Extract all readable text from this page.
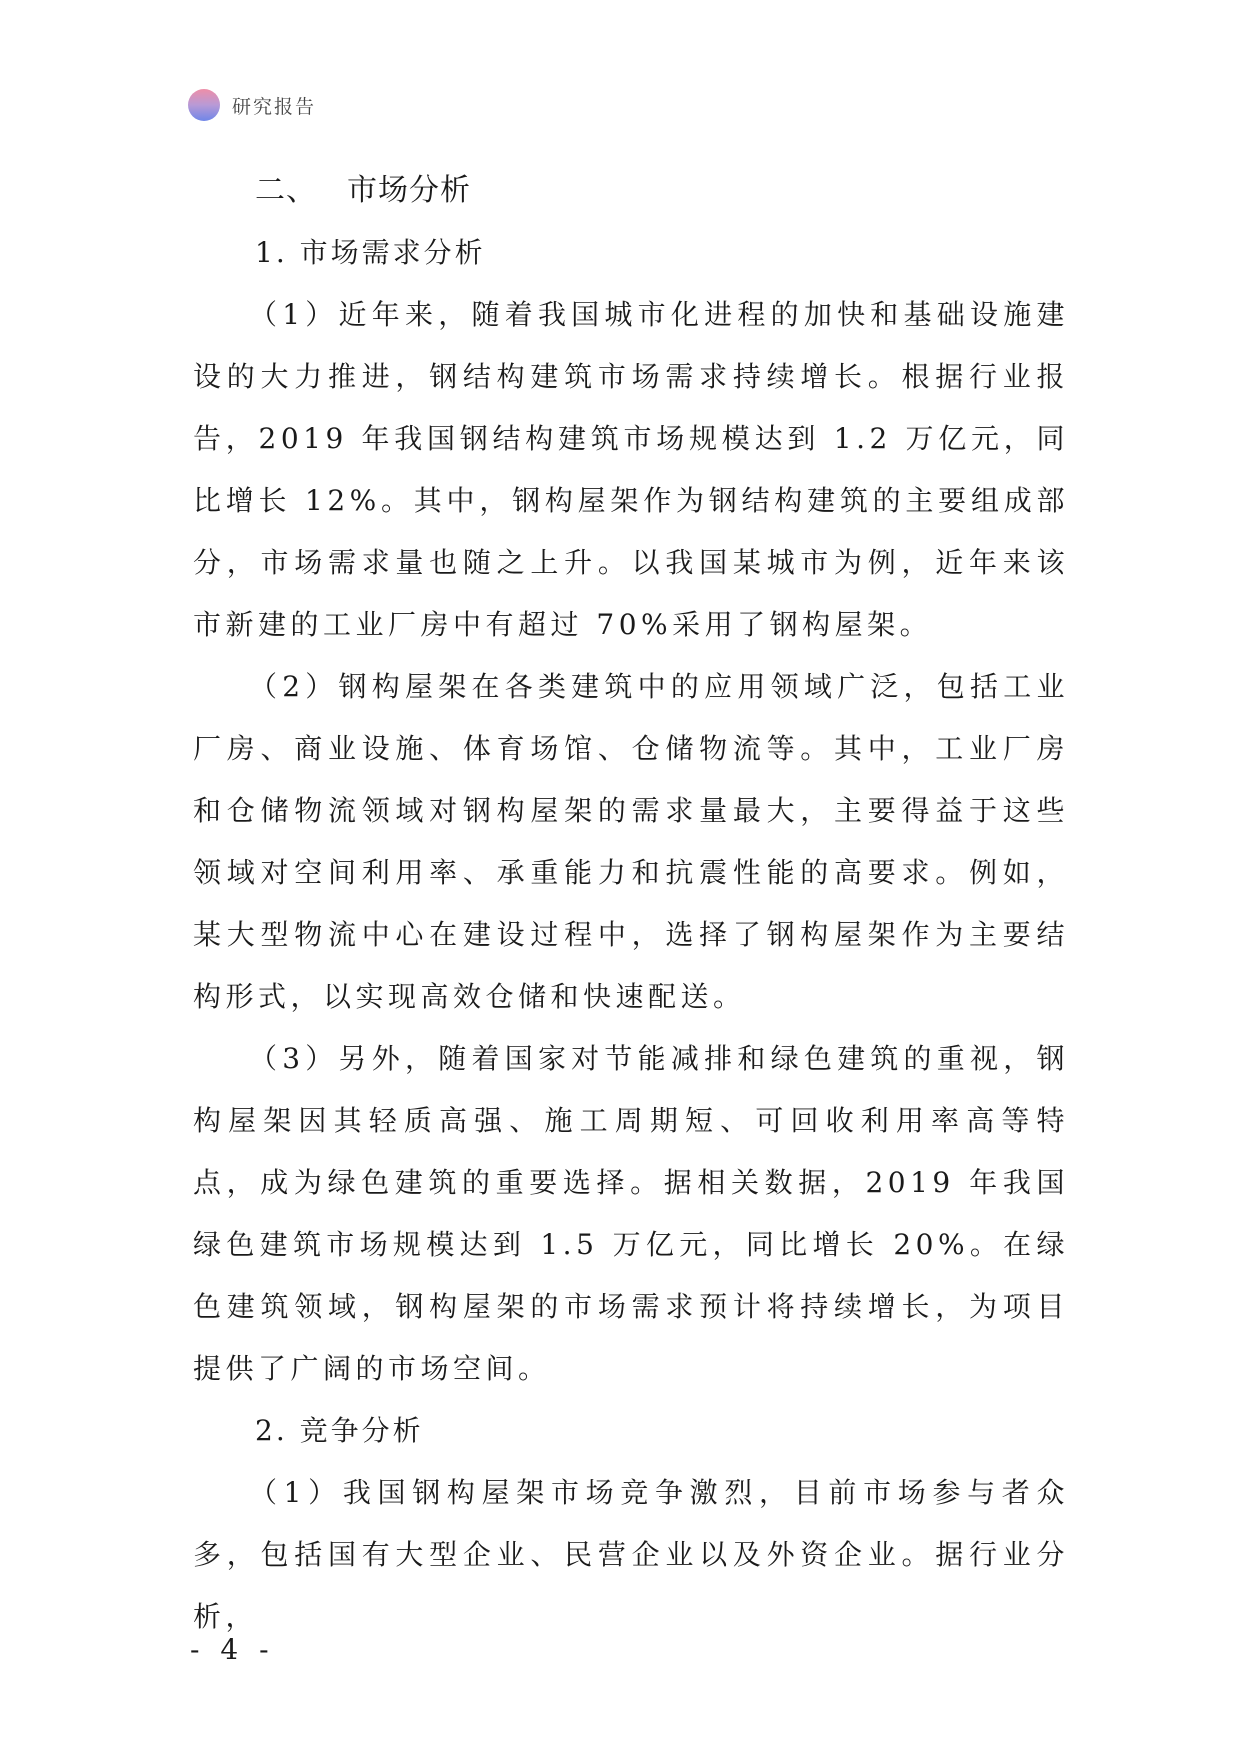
研究报告
二、 市场分析
1. 市场需求分析

（1）近年来，随着我国城市化进程的加快和基础设施建设的大力推进，钢结构建筑市场需求持续增长。根据行业报告，2019 年我国钢结构建筑市场规模达到 1.2 万亿元，同比增长 12%。其中，钢构屋架作为钢结构建筑的主要组成部分，市场需求量也随之上升。以我国某城市为例，近年来该市新建的工业厂房中有超过 70%采用了钢构屋架。

（2）钢构屋架在各类建筑中的应用领域广泛，包括工业厂房、商业设施、体育场馆、仓储物流等。其中，工业厂房和仓储物流领域对钢构屋架的需求量最大，主要得益于这些领域对空间利用率、承重能力和抗震性能的高要求。例如，某大型物流中心在建设过程中，选择了钢构屋架作为主要结构形式，以实现高效仓储和快速配送。

（3）另外，随着国家对节能减排和绿色建筑的重视，钢构屋架因其轻质高强、施工周期短、可回收利用率高等特点，成为绿色建筑的重要选择。据相关数据，2019 年我国绿色建筑市场规模达到 1.5 万亿元，同比增长 20%。在绿色建筑领域，钢构屋架的市场需求预计将持续增长，为项目提供了广阔的市场空间。

2. 竞争分析

（1）我国钢构屋架市场竞争激烈，目前市场参与者众多，包括国有大型企业、民营企业以及外资企业。据行业分析，

- 4 -
